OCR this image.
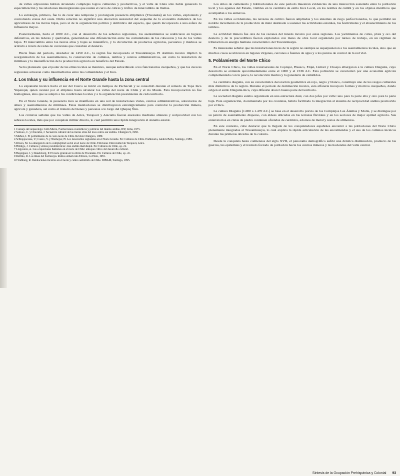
de valles adyacentes habían alcanzado complejas logros culturales y productivos, y el valle de Lluta sólo había generado la especialización y las relaciones interregionales que reunía el cerro de cabras y tráfico de intercambio de llamas.

La estrategia, primero, fue la de crear una temprana y prolongada presencia altiplánica (Tiwanaku) en los valles, explotando y controlando zonas del oasis. Dicha relación no significó una alteración sustancial del esquema de la economía doméstica de los agricultores de las tierras bajas, pero sí de la organización política y simbólica del espacio, que quedó incorporado a una esfera de influencia mayor.

Posteriormente, hacia el 1000 d.C., con el desarrollo de los señoríos regionales, los asentamientos se reubicaron en lugares defensivos, en las laderas y quebradas, generándose una diferenciación entre las comunidades de las cabeceras y las de los valles bajos. El intercambio entre las tierras altas y bajas se intensificó, y la circulación de productos agrícolas, pecuarios y marinos se articuló a través de redes de caravanas que cruzaban el desierto.

Hacia fines del período, alrededor de 1450 d.C., la región fue incorporada al Tawantinsuyu. El dominio incaico implicó la reorganización de los asentamientos, la construcción de caminos, tambos y centros administrativos, así como la instalación de mitimaes y la intensificación de la producción agrícola en beneficio del Estado.

Se ha planteado que el poder de las elites locales se mantuvo, aunque subordinado a los funcionarios cuzqueños, y que los curacas regionales actuaron como intermediarios entre las comunidades y el Inca.

4. Los Inkas y su influencia en el Norte Grande hasta la zona central

La expansión incaica hacia el sur del Cuzco se inició en tiempos de Pachacuti y se consolidó durante el reinado de Topa Inca Yupanqui, quien avanzó por el altiplano hasta alcanzar los valles del norte de Chile y el río Maule. Esta incorporación no fue homogénea, sino que se adaptó a las condiciones locales y a la organización preexistente de cada territorio.

En el Norte Grande, la presencia inca se manifiesta en una red de instalaciones viales, centros administrativos, adoratorios de altura y asentamientos de mitimaes. Estas instalaciones se distribuyeron estratégicamente para controlar la producción minera, agrícola y ganadera, así como el tránsito de bienes y personas a lo largo del Qhapaq Ñan.

Las crónicas señalan que los valles de Arica, Tarapacá y Atacama fueron anexados mediante alianzas y reciprocidad con los señores locales, más que por conquista militar directa, lo cual permitió una rápida integración al sistema estatal.

1 Consejo del arqueólogo: John Murra, Formaciones económicas y políticas del mundo andino, IEP, Lima, 1975.

2 Santoro, C. y Chacama, J. Secuencia cultural de las tierras altas del área centro sur andina. Chungara 9, 1982.

3 Muñoz, I. El poblamiento de la costa norte de Chile. Revista Chungara, 1989.

4 Schiappacasse, V.; Castro, V. y Niemeyer, H. Los desarrollos regionales en el Norte Grande. En: Culturas de Chile. Prehistoria, Andrés Bello, Santiago, 1989.

5 Rivera, M. La emergencia de la complejidad social en el norte de Chile. Ediciones Universidad de Tarapacá, Arica.

6 Hidalgo, J. Culturas y etnias protohistóricas: área andina meridional. En: Culturas de Chile, op. cit.

7 Llagostera, A. Las ocupaciones humanas en el norte de Chile: enfoque crítico del desarrollo cultural.

8 Berenguer, J. y Dauelsberg, P. El norte grande en la órbita de Tiwanaku. En: Culturas de Chile, op. cit.

9 Raffino, R. Los inkas del Kollasuyu. Ramos Americana Editora, La Plata, 1981.

10 Stehberg, R. Instalaciones incaicas en el norte y centro semiárido de Chile. DIBAM, Santiago, 1995.

Los sitios de cementerio y habitacionales de este período muestran evidencias de una interacción sostenida entre la población local y los agentes del Estado, visibles en la cerámica de estilo Inca Local, en los textiles de cumbi y en los objetos metálicos que acompañan a los entierros.

En los valles occidentales, las terrazas de cultivo fueron ampliadas y los sistemas de riego perfeccionados, lo que permitió un notable incremento de la producción de maíz destinada a sostener las actividades estatales, las festividades y el abastecimiento de los tambos.

La actividad minera fue otra de las razones del interés incaico por estas regiones. Los yacimientos de cobre, plata y oro del desierto y de la precordillera fueron explotados con mano de obra local organizada por turnos de trabajo, en un régimen de tributación en energía humana característico del Tawantinsuyu.

Es interesante señalar que las instalaciones incas de la región no siempre se superpusieron a los asentamientos locales, sino que en muchos casos se ubicaron en lugares vírgenes, cercanos a fuentes de agua y a los puntos de control de la red vial.

5. Poblamiento del Norte Chico

En el Norte Chico, los valles transversales de Copiapó, Huasco, Elqui, Limarí y Choapa albergaron a la cultura Diaguita, cuyo desarrollo se extiende aproximadamente entre el 1000 y el 1536 d.C. Esta población se caracterizó por una economía agrícola complementada con la pesca, la recolección marina y la ganadería de camélidos.

La cerámica diaguita, con su característica decoración geométrica en rojo, negro y blanco, constituye uno de los rasgos culturales más distintivos de la región. Durante el período de dominación incaica, esta alfarería incorporó formas y motivos cuzqueños, dando origen al estilo Diaguita-Inca, cuya difusión abarcó buena parte del territorio.

La sociedad diaguita estaba organizada en una estructura dual, con dos jefes por valle: uno para la parte alta y otro para la parte baja. Esta organización, documentada por los cronistas, habría facilitado la integración al sistema de reciprocidad andina promovido por el Inca.

La cultura Diaguita (1.000 a 1.470 d.C.) se basa en el desarrollo previo de los Complejos Las Ánimas y Molle, y se distingue por su patrón de asentamiento disperso, con aldeas ubicadas en las terrazas fluviales y en los sectores de mejor aptitud agrícola. Sus enterratorios en cistas de piedra contienen ofrendas de cerámica, adornos de metal y restos de alimentos.

En este contexto, cabe destacar que la llegada de los conquistadores españoles encontró a las poblaciones del Norte Chico plenamente integradas al Tawantinsuyu, lo cual explica la rápida articulación de las encomiendas y el uso de los caminos incaicos durante las primeras décadas de la colonia.

Desde la conquista hasta comienzos del siglo XVII, el panorama demográfico sufrió una drástica disminución, producto de las guerras, las epidemias y el traslado forzado de población hacia los centros mineros y las haciendas del valle central.

Síntesis de la Ocupación Prehispánica y Colonial 93
